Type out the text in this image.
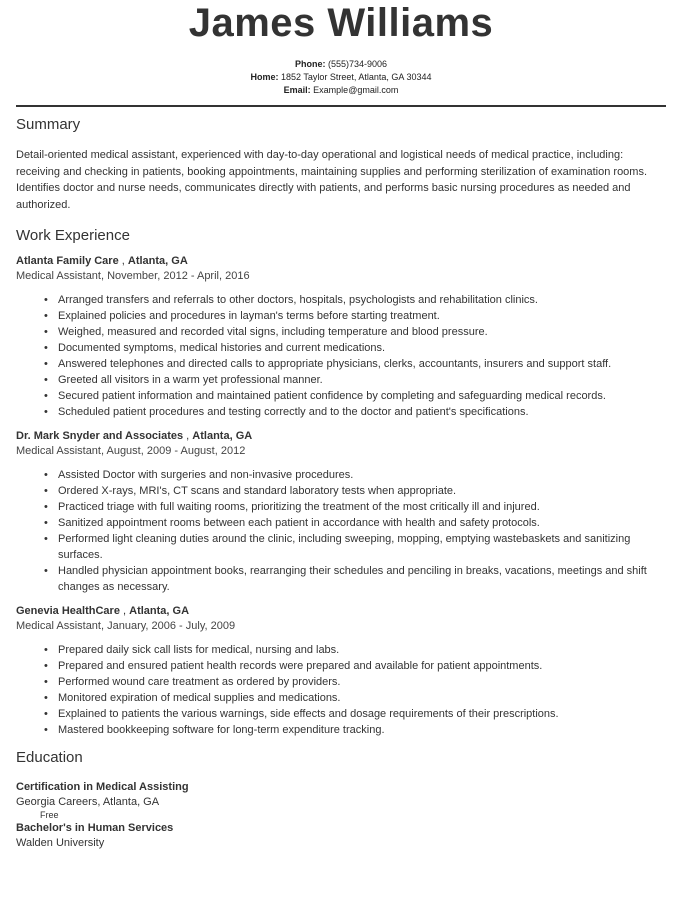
James Williams
Phone: (555)734-9006
Home: 1852 Taylor Street, Atlanta, GA 30344
Email: Example@gmail.com
Summary

Detail-oriented medical assistant, experienced with day-to-day operational and logistical needs of medical practice, including: receiving and checking in patients, booking appointments, maintaining supplies and performing sterilization of examination rooms. Identifies doctor and nurse needs, communicates directly with patients, and performs basic nursing procedures as needed and authorized.

Work Experience
Atlanta Family Care , Atlanta, GA
Medical Assistant, November, 2012 - April, 2016
• Arranged transfers and referrals to other doctors, hospitals, psychologists and rehabilitation clinics.
• Explained policies and procedures in layman's terms before starting treatment.
• Weighed, measured and recorded vital signs, including temperature and blood pressure.
• Documented symptoms, medical histories and current medications.
• Answered telephones and directed calls to appropriate physicians, clerks, accountants, insurers and support staff.
• Greeted all visitors in a warm yet professional manner.
• Secured patient information and maintained patient confidence by completing and safeguarding medical records.
• Scheduled patient procedures and testing correctly and to the doctor and patient's specifications.
Dr. Mark Snyder and Associates , Atlanta, GA
Medical Assistant, August, 2009 - August, 2012
• Assisted Doctor with surgeries and non-invasive procedures.
• Ordered X-rays, MRI's, CT scans and standard laboratory tests when appropriate.
• Practiced triage with full waiting rooms, prioritizing the treatment of the most critically ill and injured.
• Sanitized appointment rooms between each patient in accordance with health and safety protocols.
• Performed light cleaning duties around the clinic, including sweeping, mopping, emptying wastebaskets and sanitizing surfaces.
• Handled physician appointment books, rearranging their schedules and penciling in breaks, vacations, meetings and shift changes as necessary.
Genevia HealthCare , Atlanta, GA
Medical Assistant, January, 2006 - July, 2009
• Prepared daily sick call lists for medical, nursing and labs.
• Prepared and ensured patient health records were prepared and available for patient appointments.
• Performed wound care treatment as ordered by providers.
• Monitored expiration of medical supplies and medications.
• Explained to patients the various warnings, side effects and dosage requirements of their prescriptions.
• Mastered bookkeeping software for long-term expenditure tracking.
Education
Certification in Medical Assisting
Georgia Careers, Atlanta, GA
Free
Bachelor's in Human Services
Walden University
